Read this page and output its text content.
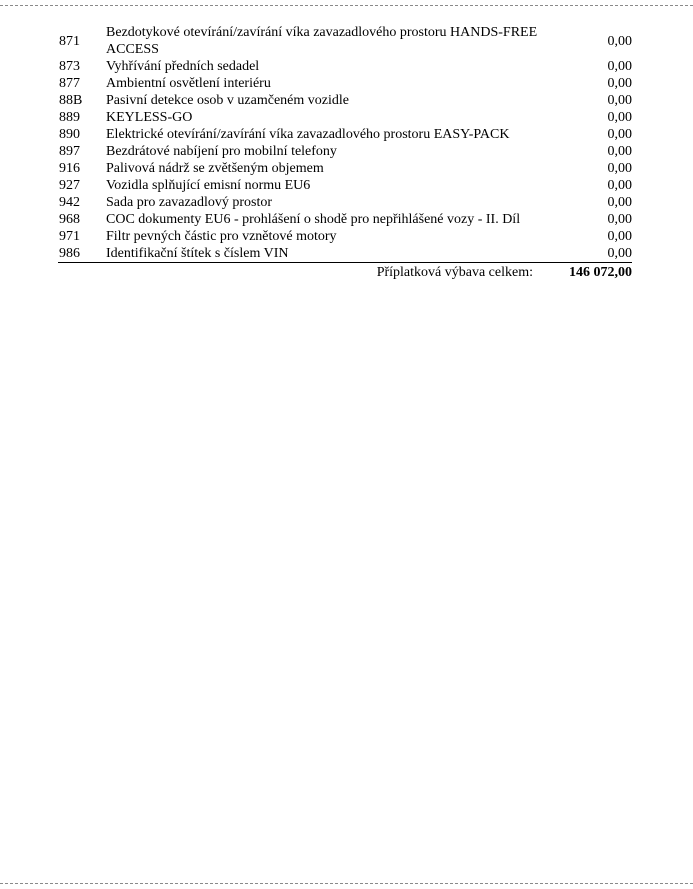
871	Bezdotykové otevírání/zavírání víka zavazadlového prostoru HANDS-FREE ACCESS	0,00
873	Vyhřívání předních sedadel	0,00
877	Ambientní osvětlení interiéru	0,00
88B	Pasivní detekce osob v uzamčeném vozidle	0,00
889	KEYLESS-GO	0,00
890	Elektrické otevírání/zavírání víka zavazadlového prostoru EASY-PACK	0,00
897	Bezdrátové nabíjení pro mobilní telefony	0,00
916	Palivová nádrž se zvětšeným objemem	0,00
927	Vozidla splňující emisní normu EU6	0,00
942	Sada pro zavazadlový prostor	0,00
968	COC dokumenty EU6 - prohlášení o shodě pro nepřihlášené vozy - II. Díl	0,00
971	Filtr pevných částic pro vznětové motory	0,00
986	Identifikační štítek s číslem VIN	0,00
Příplatková výbava celkem:		146 072,00
